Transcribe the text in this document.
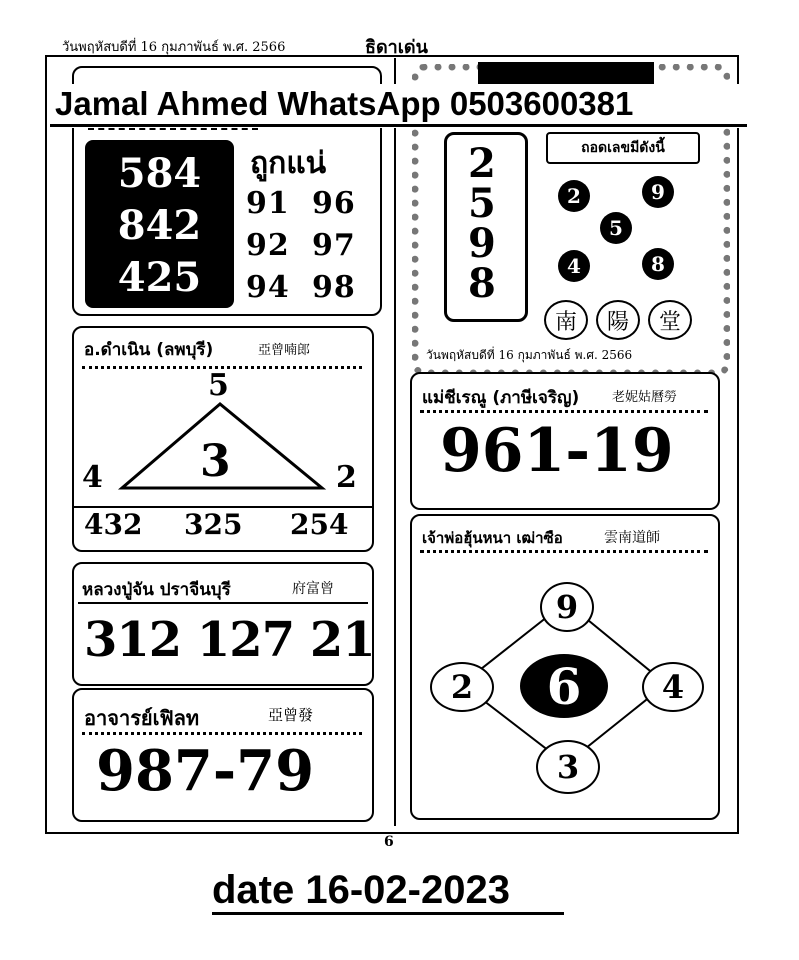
วันพฤหัสบดีที่ 16 กุมภาพันธ์ พ.ศ. 2566	ธิดาเด่น
584
842
425
ถูกแน่
91 96
92 97
94 98
อ.ดำเนิน (ลพบุรี)	亞曾喃郎
5
3
4	2
432 325 254
หลวงปู่จัน ปราจีนบุรี	府富曾
312 127 21
อาจารย์เฟิลท	亞曾發
987-79
2
5
9
8
ถอดเลขมีดังนี้
2	9
5
4	8
南	陽	堂
วันพฤหัสบดีที่ 16 กุมภาพันธ์ พ.ศ. 2566
แม่ชีเรณู (ภาษีเจริญ)	老妮姑曆勞
961-19
เจ้าพ่อฮุ้นหนา เฒ่าซือ	雲南道師
9
6
2	4
3
6
Jamal Ahmed WhatsApp 0503600381
date 16-02-2023
